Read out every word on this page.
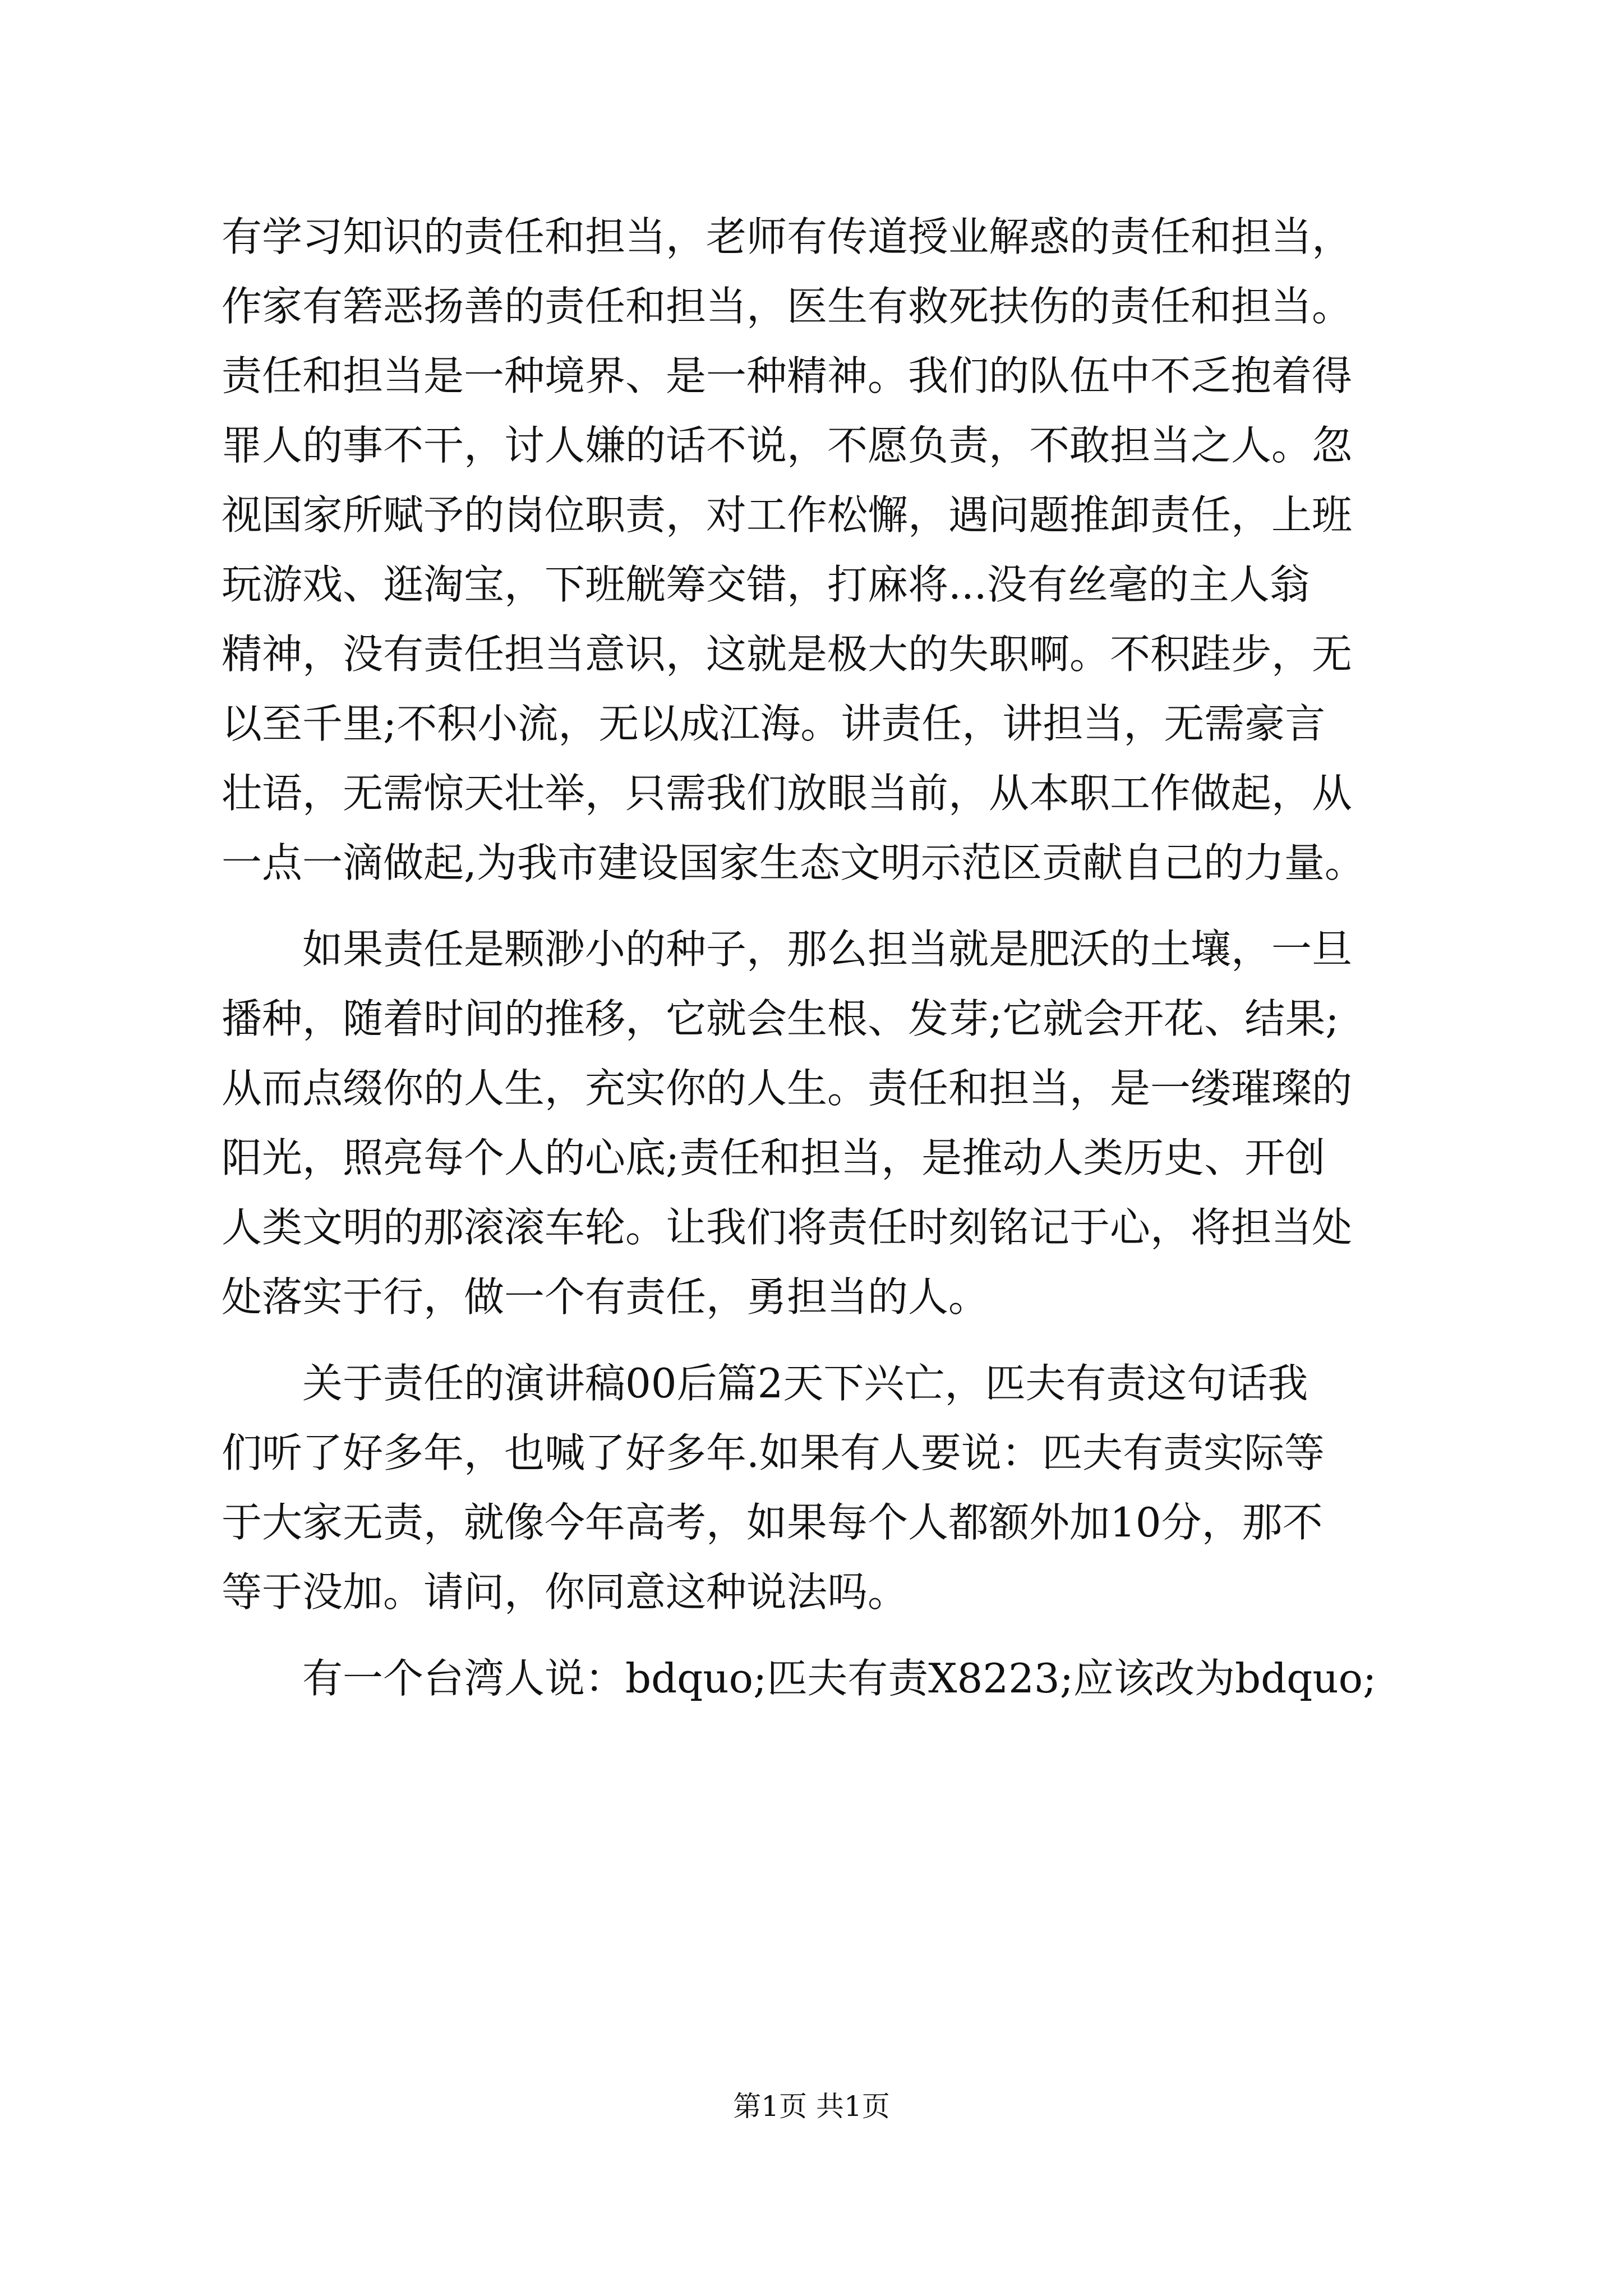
有学习知识的责任和担当，老师有传道授业解惑的责任和担当，
作家有箬恶扬善的责任和担当，医生有救死扶伤的责任和担当。
责任和担当是一种境界、是一种精神。我们的队伍中不乏抱着得
罪人的事不干，讨人嫌的话不说，不愿负责，不敢担当之人。忽
视国家所赋予的岗位职责，对工作松懈，遇问题推卸责任，上班
玩游戏、逛淘宝，下班觥筹交错，打麻将...没有丝毫的主人翁
精神，没有责任担当意识，这就是极大的失职啊。不积跬步，无
以至千里;不积小流，无以成江海。讲责任，讲担当，无需豪言
壮语，无需惊天壮举，只需我们放眼当前，从本职工作做起，从
一点一滴做起,为我市建设国家生态文明示范区贡献自己的力量。
如果责任是颗渺小的种子，那么担当就是肥沃的土壤，一旦
播种，随着时间的推移，它就会生根、发芽;它就会开花、结果;
从而点缀你的人生，充实你的人生。责任和担当，是一缕璀璨的
阳光，照亮每个人的心底;责任和担当，是推动人类历史、开创
人类文明的那滚滚车轮。让我们将责任时刻铭记于心，将担当处
处落实于行，做一个有责任，勇担当的人。
关于责任的演讲稿00后篇2天下兴亡，匹夫有责这句话我
们听了好多年，也喊了好多年.如果有人要说：匹夫有责实际等
于大家无责，就像今年高考，如果每个人都额外加10分，那不
等于没加。请问，你同意这种说法吗。
有一个台湾人说：bdquo;匹夫有责X8223;应该改为bdquo;
第1页 共1页
